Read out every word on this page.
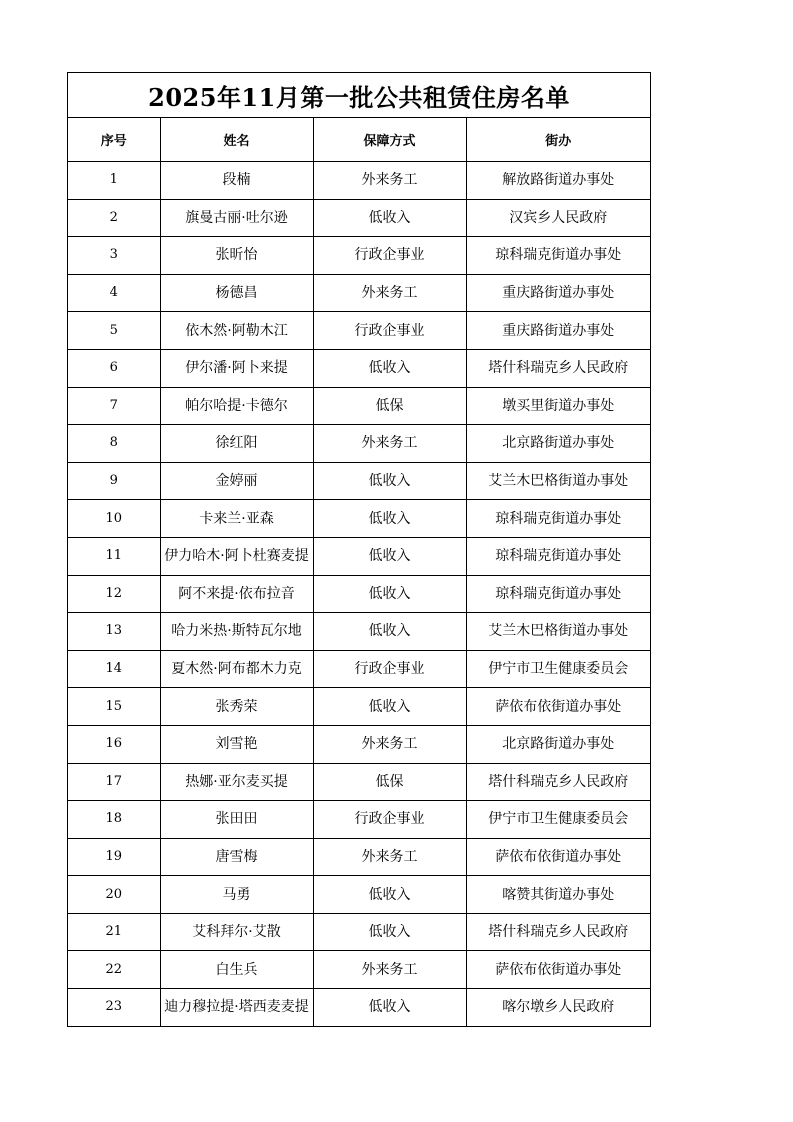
2025年11月第一批公共租赁住房名单
序号	姓名	保障方式	街办
1	段楠	外来务工	解放路街道办事处
2	旗曼古丽·吐尔逊	低收入	汉宾乡人民政府
3	张昕怡	行政企事业	琼科瑞克街道办事处
4	杨德昌	外来务工	重庆路街道办事处
5	依木然·阿勒木江	行政企事业	重庆路街道办事处
6	伊尔潘·阿卜来提	低收入	塔什科瑞克乡人民政府
7	帕尔哈提·卡德尔	低保	墩买里街道办事处
8	徐红阳	外来务工	北京路街道办事处
9	金婷丽	低收入	艾兰木巴格街道办事处
10	卡来兰·亚森	低收入	琼科瑞克街道办事处
11	伊力哈木·阿卜杜赛麦提	低收入	琼科瑞克街道办事处
12	阿不来提·依布拉音	低收入	琼科瑞克街道办事处
13	哈力米热·斯特瓦尔地	低收入	艾兰木巴格街道办事处
14	夏木然·阿布都木力克	行政企事业	伊宁市卫生健康委员会
15	张秀荣	低收入	萨依布依街道办事处
16	刘雪艳	外来务工	北京路街道办事处
17	热娜·亚尔麦买提	低保	塔什科瑞克乡人民政府
18	张田田	行政企事业	伊宁市卫生健康委员会
19	唐雪梅	外来务工	萨依布依街道办事处
20	马勇	低收入	喀赞其街道办事处
21	艾科拜尔·艾散	低收入	塔什科瑞克乡人民政府
22	白生兵	外来务工	萨依布依街道办事处
23	迪力穆拉提·塔西麦麦提	低收入	喀尔墩乡人民政府
